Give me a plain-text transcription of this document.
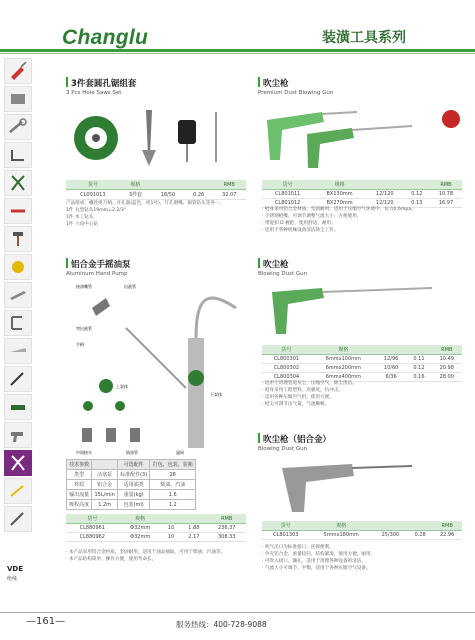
Changlu	装潢工具系列
VDE
绝缘
3件套圆孔锯组套
3 Pcs Hole Saws Set
货号	规格			RMB
CL091013	3件套	18/50	0.26	32.07
产品组成：螺丝批刀柄、开孔器(蓝色、桔1号)、开孔钢嘴、铜管钻头等各一。
1件 丸型钻头19mm=2.2/3"
1件 木工钻头
1件 六角中心钻
吹尘枪
Premium Dust Blowing Gun
货号	规格			RMB
CL801011	BX130mm	12/120	0.12	10.78
CL801012	BX270mm	12/120	0.13	16.97
· 枪身采用铝合金材质，坚固耐用，适用于压缩空气环境中，压力0.6mpa。
· 不锈钢枪嘴，可调节调整气流大小，方便使用。
· 带提扣 D 握把，使用舒适，耐用。
· 适用于各种机械设备清洁除尘工作。
铝合金手摇油泵
Aluminum Hand Pump
接油嘴管	出液管
弯出液管
手柄
上泵体
下泵体
中间接头	抽油管	滤网
技术参数		可选配件	打包、包装、装箱
类型	活塞泵	标准配件(3)	28
材质	铝合金	适用油类	柴油、汽油
输出流量	15L/min	重量(kg)	1.6
吸程高度	1.2m	包装(ml)	1.2
货号	规格			RMB
CL880961	Φ32mm	10	1.88	236.37
CL880962	Φ32mm	10	2.17	308.33
· 本产品采用铝合金材质，坚固耐用，适用于油品抽取，可用于柴油、汽油等。
· 本产品结构简单，操作方便，使用寿命长。
吹尘枪
Blowing Dust Gun
货号	规格			RMB
CL800301	6mmx100mm	12/96	0.11	10.49
CL800302	6mmx200mm	10/60	0.12	20.98
CL800304	6mmx400mm	6/36	0.16	28.00
· 适用于清理管道灰尘，压缩空气，除尘清洁。
· 枪身采用工程塑料，高强度，抗冲击。
· 适用各种压缩空气机，使用方便。
· 枪尖可调节出气量，气流顺畅。
吹尘枪（铝合金）
Blowing Dust Gun
货号	规格			RMB
CL801303	5mmx180mm	25/300	0.28	22.96
· 吹气出口为标准接口，连接便利。
· 外壳铝合金，重量较轻，结构紧凑，使用方便，耐用。
· 可吹入接口，镶孔，适用于清理各种设备的清洁。
· 气流大小可调节，平衡，适用于各种压缩空气设备。
—161—	服务热线：400-728-9088
